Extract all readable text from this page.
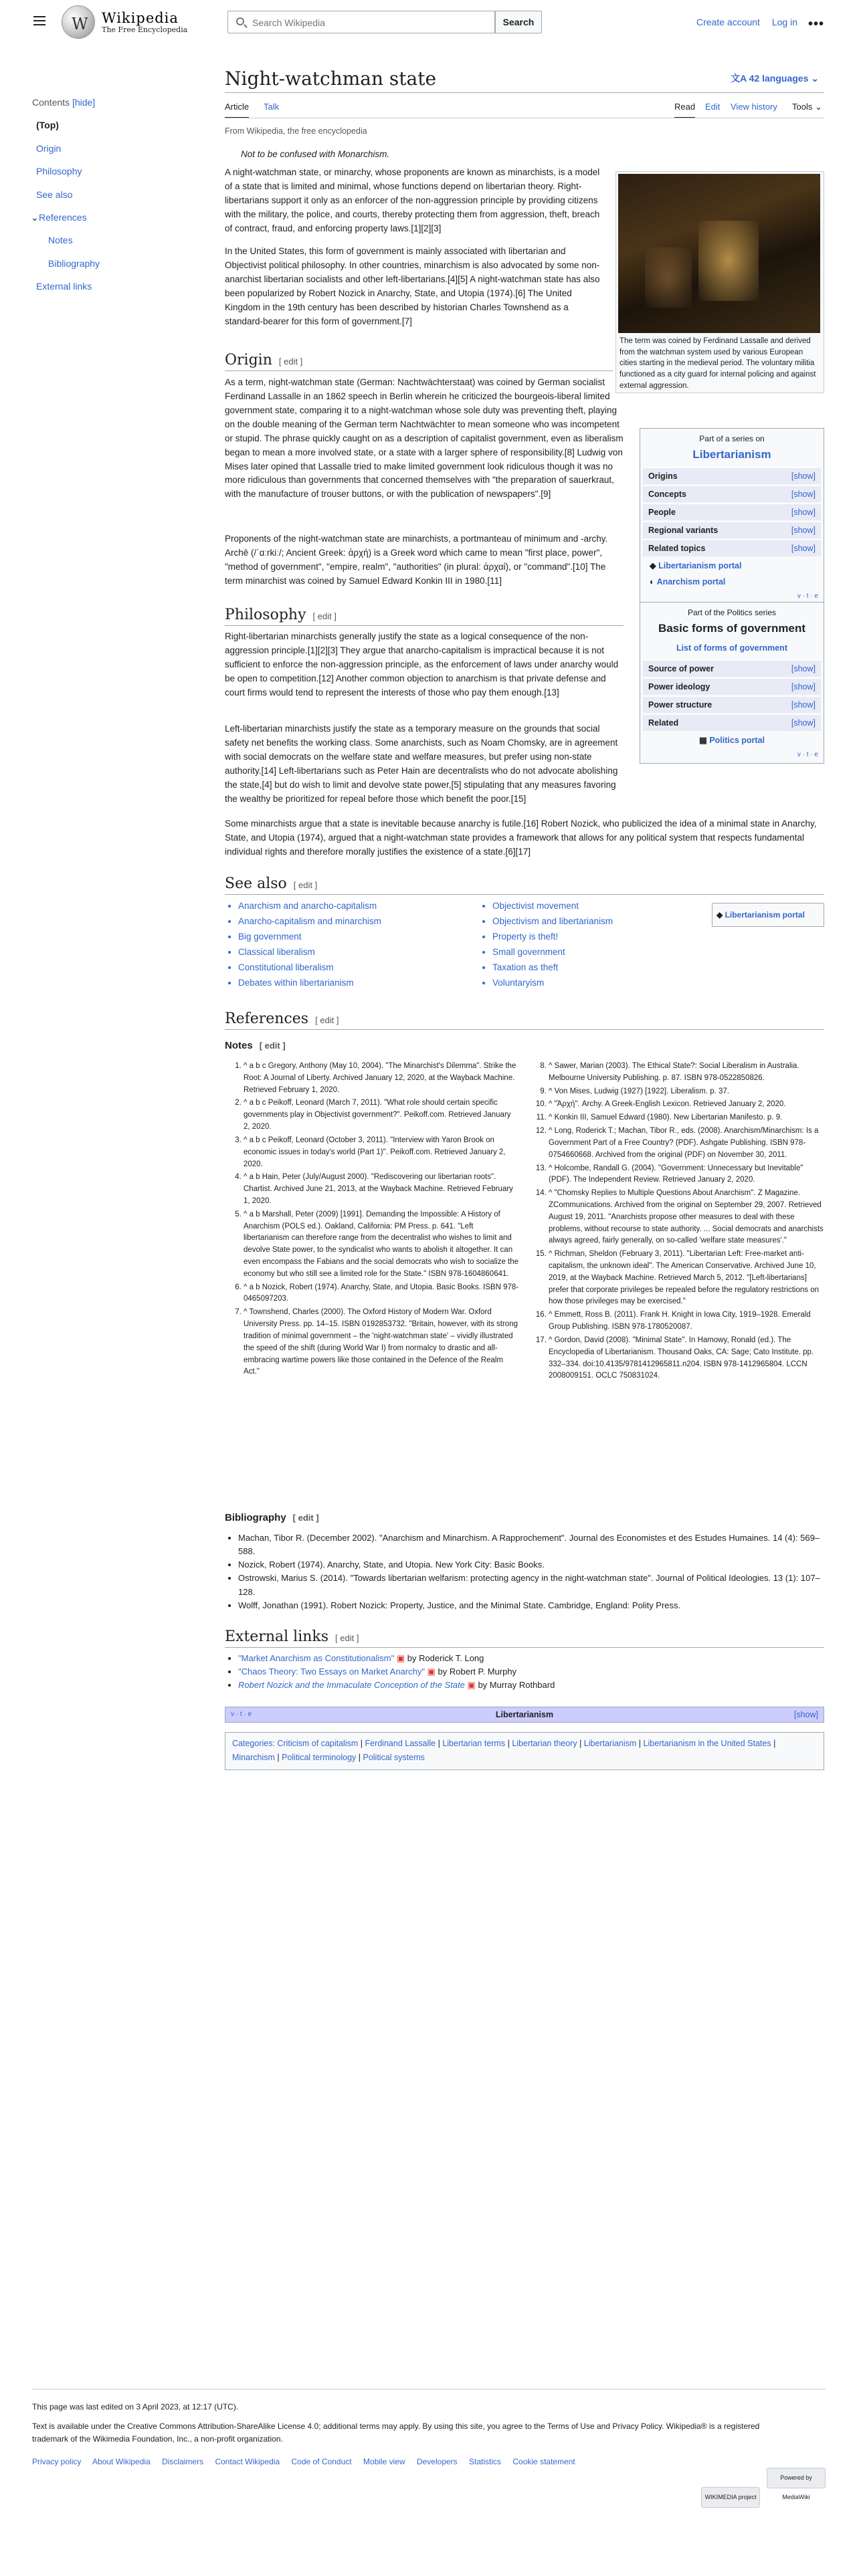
W Wikipedia
The Free Encyclopedia
Search Wikipedia	Search	Create account Log in •••
Contents [hide]
(Top)
Origin
Philosophy
See also
⌄References
Notes
Bibliography
External links
Night-watchman state	文A 42 languages ⌄
Article Talk	Read Edit View history Tools ⌄
From Wikipedia, the free encyclopedia
Not to be confused with Monarchism.

A night-watchman state, or minarchy, whose proponents are known as minarchists, is a model of a state that is limited and minimal, whose functions depend on libertarian theory. Right-libertarians support it only as an enforcer of the non-aggression principle by providing citizens with the military, the police, and courts, thereby protecting them from aggression, theft, breach of contract, fraud, and enforcing property laws.[1][2][3]

In the United States, this form of government is mainly associated with libertarian and Objectivist political philosophy. In other countries, minarchism is also advocated by some non-anarchist libertarian socialists and other left-libertarians.[4][5] A night-watchman state has also been popularized by Robert Nozick in Anarchy, State, and Utopia (1974).[6] The United Kingdom in the 19th century has been described by historian Charles Townshend as a standard-bearer for this form of government.[7]

Origin [ edit ]

As a term, night-watchman state (German: Nachtwächterstaat) was coined by German socialist Ferdinand Lassalle in an 1862 speech in Berlin wherein he criticized the bourgeois-liberal limited government state, comparing it to a night-watchman whose sole duty was preventing theft, playing on the double meaning of the German term Nachtwächter to mean someone who was incompetent or stupid. The phrase quickly caught on as a description of capitalist government, even as liberalism began to mean a more involved state, or a state with a larger sphere of responsibility.[8] Ludwig von Mises later opined that Lassalle tried to make limited government look ridiculous though it was no more ridiculous than governments that concerned themselves with "the preparation of sauerkraut, with the manufacture of trouser buttons, or with the publication of newspapers".[9]

Proponents of the night-watchman state are minarchists, a portmanteau of minimum and -archy. Archē (/ˈɑːrkiː/; Ancient Greek: ἀρχή) is a Greek word which came to mean "first place, power", "method of government", "empire, realm", "authorities" (in plural: ἀρχαί), or "command".[10] The term minarchist was coined by Samuel Edward Konkin III in 1980.[11]

Philosophy [ edit ]

Right-libertarian minarchists generally justify the state as a logical consequence of the non-aggression principle.[1][2][3] They argue that anarcho-capitalism is impractical because it is not sufficient to enforce the non-aggression principle, as the enforcement of laws under anarchy would be open to competition.[12] Another common objection to anarchism is that private defense and court firms would tend to represent the interests of those who pay them enough.[13]

Left-libertarian minarchists justify the state as a temporary measure on the grounds that social safety net benefits the working class. Some anarchists, such as Noam Chomsky, are in agreement with social democrats on the welfare state and welfare measures, but prefer using non-state authority.[14] Left-libertarians such as Peter Hain are decentralists who do not advocate abolishing the state,[4] but do wish to limit and devolve state power,[5] stipulating that any measures favoring the wealthy be prioritized for repeal before those which benefit the poor.[15]

Some minarchists argue that a state is inevitable because anarchy is futile.[16] Robert Nozick, who publicized the idea of a minimal state in Anarchy, State, and Utopia (1974), argued that a night-watchman state provides a framework that allows for any political system that respects fundamental individual rights and therefore morally justifies the existence of a state.[6][17]

See also [ edit ]
• Anarchism and anarcho-capitalism
• Anarcho-capitalism and minarchism
• Big government
• Classical liberalism
• Constitutional liberalism
• Debates within libertarianism
• Objectivist movement
• Objectivism and libertarianism
• Property is theft!
• Small government
• Taxation as theft
• Voluntaryism
◆ Libertarianism portal
References [ edit ]
Notes [ edit ]
1. ^ a b c Gregory, Anthony (May 10, 2004). "The Minarchist's Dilemma". Strike the Root: A Journal of Liberty. Archived January 12, 2020, at the Wayback Machine. Retrieved February 1, 2020.
2. ^ a b c Peikoff, Leonard (March 7, 2011). "What role should certain specific governments play in Objectivist government?". Peikoff.com. Retrieved January 2, 2020.
3. ^ a b c Peikoff, Leonard (October 3, 2011). "Interview with Yaron Brook on economic issues in today's world (Part 1)". Peikoff.com. Retrieved January 2, 2020.
4. ^ a b Hain, Peter (July/August 2000). "Rediscovering our libertarian roots". Chartist. Archived June 21, 2013, at the Wayback Machine. Retrieved February 1, 2020.
5. ^ a b Marshall, Peter (2009) [1991]. Demanding the Impossible: A History of Anarchism (POLS ed.). Oakland, California: PM Press. p. 641. "Left libertarianism can therefore range from the decentralist who wishes to limit and devolve State power, to the syndicalist who wants to abolish it altogether. It can even encompass the Fabians and the social democrats who wish to socialize the economy but who still see a limited role for the State." ISBN 978-1604860641.
6. ^ a b Nozick, Robert (1974). Anarchy, State, and Utopia. Basic Books. ISBN 978-0465097203.
7. ^ Townshend, Charles (2000). The Oxford History of Modern War. Oxford University Press. pp. 14–15. ISBN 0192853732. "Britain, however, with its strong tradition of minimal government – the 'night-watchman state' – vividly illustrated the speed of the shift (during World War I) from normalcy to drastic and all-embracing wartime powers like those contained in the Defence of the Realm Act."
8. ^ Sawer, Marian (2003). The Ethical State?: Social Liberalism in Australia. Melbourne University Publishing. p. 87. ISBN 978-0522850826.
9. ^ Von Mises, Ludwig (1927) [1922]. Liberalism. p. 37.
10. ^ "Ἀρχή". Archy. A Greek-English Lexicon. Retrieved January 2, 2020.
11. ^ Konkin III, Samuel Edward (1980). New Libertarian Manifesto. p. 9.
12. ^ Long, Roderick T.; Machan, Tibor R., eds. (2008). Anarchism/Minarchism: Is a Government Part of a Free Country? (PDF). Ashgate Publishing. ISBN 978-0754660668. Archived from the original (PDF) on November 30, 2011.
13. ^ Holcombe, Randall G. (2004). "Government: Unnecessary but Inevitable" (PDF). The Independent Review. Retrieved January 2, 2020.
14. ^ "Chomsky Replies to Multiple Questions About Anarchism". Z Magazine. ZCommunications. Archived from the original on September 29, 2007. Retrieved August 19, 2011. "Anarchists propose other measures to deal with these problems, without recourse to state authority. ... Social democrats and anarchists always agreed, fairly generally, on so-called 'welfare state measures'."
15. ^ Richman, Sheldon (February 3, 2011). "Libertarian Left: Free-market anti-capitalism, the unknown ideal". The American Conservative. Archived June 10, 2019, at the Wayback Machine. Retrieved March 5, 2012. "[Left-libertarians] prefer that corporate privileges be repealed before the regulatory restrictions on how those privileges may be exercised."
16. ^ Emmett, Ross B. (2011). Frank H. Knight in Iowa City, 1919–1928. Emerald Group Publishing. ISBN 978-1780520087.
17. ^ Gordon, David (2008). "Minimal State". In Hamowy, Ronald (ed.). The Encyclopedia of Libertarianism. Thousand Oaks, CA: Sage; Cato Institute. pp. 332–334. doi:10.4135/9781412965811.n204. ISBN 978-1412965804. LCCN 2008009151. OCLC 750831024.
Bibliography [ edit ]
• Machan, Tibor R. (December 2002). "Anarchism and Minarchism. A Rapprochement". Journal des Economistes et des Estudes Humaines. 14 (4): 569–588.
• Nozick, Robert (1974). Anarchy, State, and Utopia. New York City: Basic Books.
• Ostrowski, Marius S. (2014). "Towards libertarian welfarism: protecting agency in the night-watchman state". Journal of Political Ideologies. 13 (1): 107–128.
• Wolff, Jonathan (1991). Robert Nozick: Property, Justice, and the Minimal State. Cambridge, England: Polity Press.
External links [ edit ]
• "Market Anarchism as Constitutionalism" ▣ by Roderick T. Long
• "Chaos Theory: Two Essays on Market Anarchy" ▣ by Robert P. Murphy
• Robert Nozick and the Immaculate Conception of the State ▣ by Murray Rothbard
v · t · e	Libertarianism	[show]
Categories: Criticism of capitalism | Ferdinand Lassalle | Libertarian terms | Libertarian theory | Libertarianism | Libertarianism in the United States | Minarchism | Political terminology | Political systems
The term was coined by Ferdinand Lassalle and derived from the watchman system used by various European cities starting in the medieval period. The voluntary militia functioned as a city guard for internal policing and against external aggression.
Part of a series on
Libertarianism
Origins	[show]
Concepts	[show]
People	[show]
Regional variants	[show]
Related topics	[show]
◆ Libertarianism portal
◐ Anarchism portal
v · t · e
Part of the Politics series
Basic forms of government
List of forms of government
Source of power	[show]
Power ideology	[show]
Power structure	[show]
Related	[show]
▦ Politics portal
v · t · e
This page was last edited on 3 April 2023, at 12:17 (UTC).
Text is available under the Creative Commons Attribution-ShareAlike License 4.0; additional terms may apply. By using this site, you agree to the Terms of Use and Privacy Policy. Wikipedia® is a registered trademark of the Wikimedia Foundation, Inc., a non-profit organization.
Privacy policy About Wikipedia Disclaimers Contact Wikipedia Code of Conduct Mobile view Developers Statistics Cookie statement
WIKIMEDIA project Powered by MediaWiki
